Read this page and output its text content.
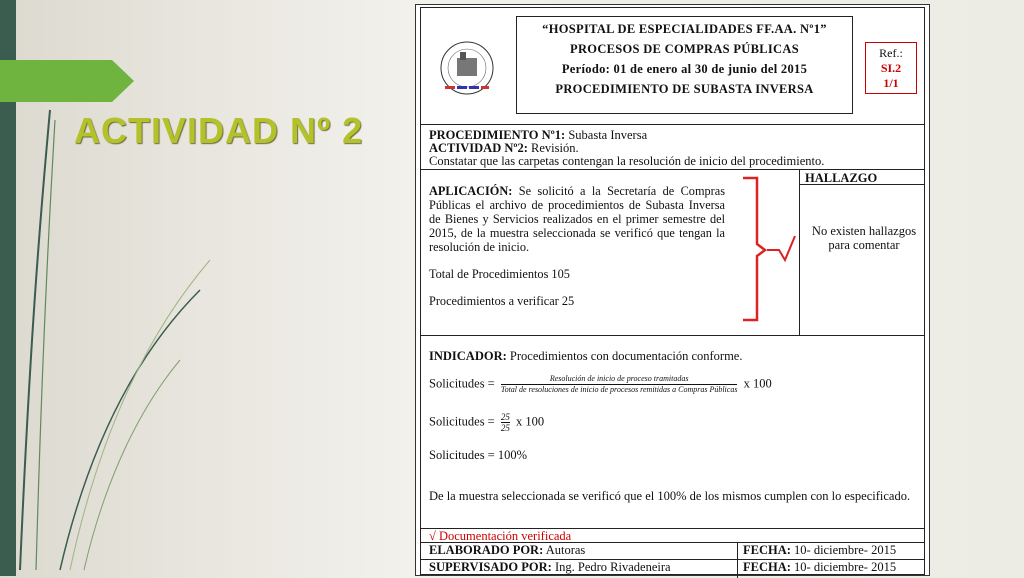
ACTIVIDAD Nº 2
“HOSPITAL DE ESPECIALIDADES FF.AA. Nº1”
PROCESOS DE COMPRAS PÚBLICAS
Período: 01 de enero al 30 de junio del 2015
PROCEDIMIENTO DE SUBASTA INVERSA
Ref.:
SI.2
1/1
PROCEDIMIENTO Nº1: Subasta Inversa
ACTIVIDAD Nº2: Revisión.
Constatar que las carpetas contengan la resolución de inicio del procedimiento.
APLICACIÓN: Se solicitó a la Secretaría de Compras Públicas el archivo de procedimientos de Subasta Inversa de Bienes y Servicios realizados en el primer semestre del 2015, de la muestra seleccionada se verificó que tengan la resolución de inicio.
Total de Procedimientos 105
Procedimientos a verificar 25
HALLAZGO
No existen hallazgos para comentar
INDICADOR: Procedimientos con documentación conforme.
Solicitudes =	Resolución de inicio de proceso tramitadas
Total de resoluciones de inicio de procesos remitidas a Compras Públicas x 100
Solicitudes = $\frac{25}{25}$ x 100
Solicitudes = 100%
De la muestra seleccionada se verificó que el 100% de los mismos cumplen con lo especificado.
√ Documentación verificada
ELABORADO POR: Autoras	FECHA: 10- diciembre- 2015
SUPERVISADO POR: Ing. Pedro Rivadeneira	FECHA: 10- diciembre- 2015
